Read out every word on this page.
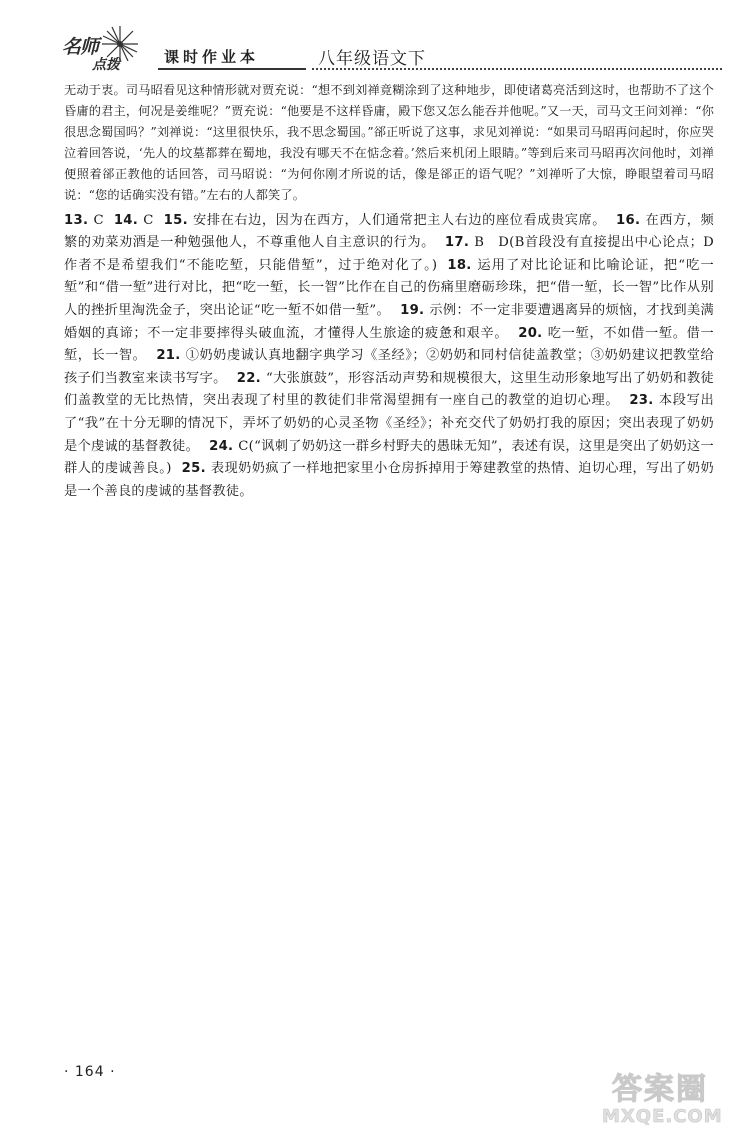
名师
点拨	课时作业本	八年级语文下

无动于衷。司马昭看见这种情形就对贾充说：“想不到刘禅竟糊涂到了这种地步，即使诸葛亮活到这时，也帮助不了这个昏庸的君主，何况是姜维呢？”贾充说：“他要是不这样昏庸，殿下您又怎么能吞并他呢。”又一天，司马文王问刘禅：“你很思念蜀国吗？”刘禅说：“这里很快乐，我不思念蜀国。”郤正听说了这事，求见刘禅说：“如果司马昭再问起时，你应哭泣着回答说，‘先人的坟墓都葬在蜀地，我没有哪天不在惦念着。’然后来机闭上眼睛。”等到后来司马昭再次问他时，刘禅便照着郤正教他的话回答，司马昭说：“为何你刚才所说的话，像是郤正的语气呢？”刘禅听了大惊，睁眼望着司马昭说：“您的话确实没有错。”左右的人都笑了。

13. C 14. C 15. 安排在右边，因为在西方，人们通常把主人右边的座位看成贵宾席。 16. 在西方，频繁的劝菜劝酒是一种勉强他人，不尊重他人自主意识的行为。 17. B　D(B首段没有直接提出中心论点；D作者不是希望我们“不能吃堑，只能借堑”，过于绝对化了。) 18. 运用了对比论证和比喻论证，把“吃一堑”和“借一堑”进行对比，把“吃一堑，长一智”比作在自己的伤痛里磨砺珍珠，把“借一堑，长一智”比作从别人的挫折里淘洗金子，突出论证“吃一堑不如借一堑”。 19. 示例：不一定非要遭遇离异的烦恼，才找到美满婚姻的真谛；不一定非要摔得头破血流，才懂得人生旅途的疲惫和艰辛。 20. 吃一堑，不如借一堑。借一堑，长一智。 21. ①奶奶虔诚认真地翻字典学习《圣经》；②奶奶和同村信徒盖教堂；③奶奶建议把教堂给孩子们当教室来读书写字。 22. “大张旗鼓”，形容活动声势和规模很大，这里生动形象地写出了奶奶和教徒们盖教堂的无比热情，突出表现了村里的教徒们非常渴望拥有一座自己的教堂的迫切心理。 23. 本段写出了“我”在十分无聊的情况下，弄坏了奶奶的心灵圣物《圣经》；补充交代了奶奶打我的原因；突出表现了奶奶是个虔诚的基督教徒。 24. C(“讽刺了奶奶这一群乡村野夫的愚昧无知”，表述有误，这里是突出了奶奶这一群人的虔诚善良。) 25. 表现奶奶疯了一样地把家里小仓房拆掉用于筹建教堂的热情、迫切心理，写出了奶奶是一个善良的虔诚的基督教徒。

· 164 ·	答案圈
MXQE.COM
